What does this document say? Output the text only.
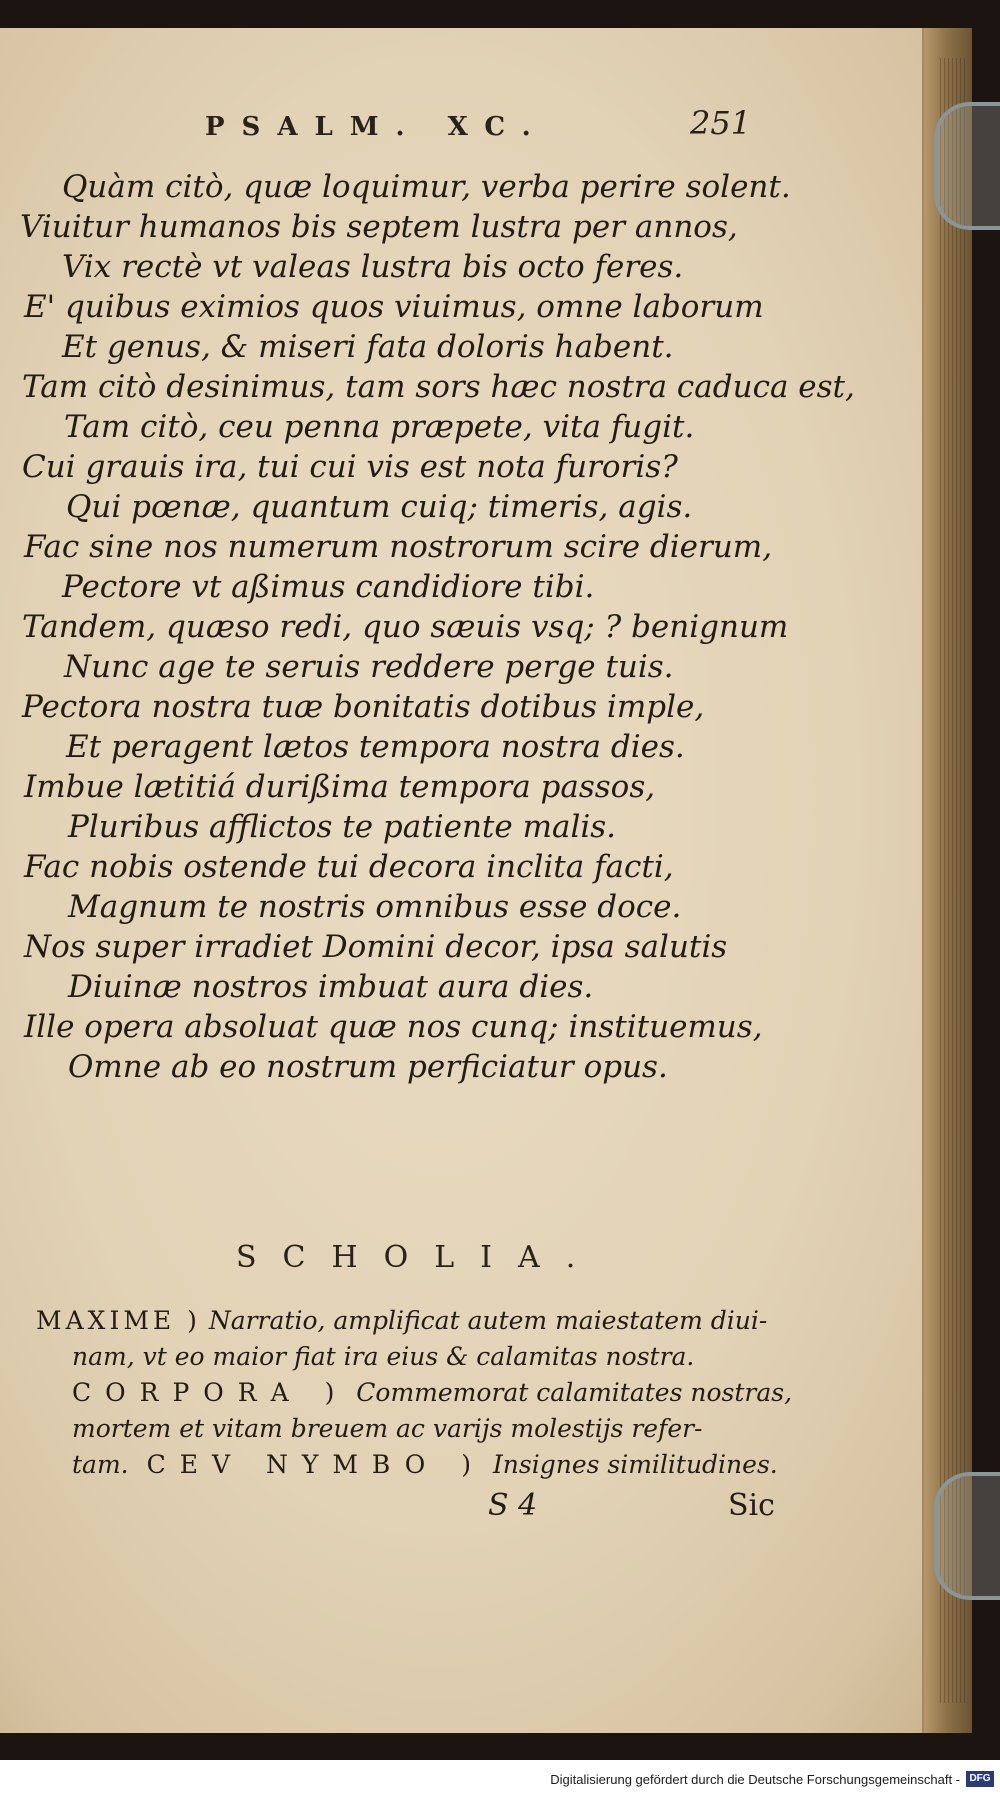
PSALM. XC.	251
Quàm citò, quæ loquimur, verba perire solent.
Viuitur humanos bis septem lustra per annos,
Vix rectè vt valeas lustra bis octo feres.
E' quibus eximios quos viuimus, omne laborum
Et genus, & miseri fata doloris habent.
Tam citò desinimus, tam sors hæc nostra caduca est,
Tam citò, ceu penna præpete, vita fugit.
Cui grauis ira, tui cui vis est nota furoris?
Qui pœnæ, quantum cuiq; timeris, agis.
Fac sine nos numerum nostrorum scire dierum,
Pectore vt aßimus candidiore tibi.
Tandem, quæso redi, quo sæuis vsq; ? benignum
Nunc age te seruis reddere perge tuis.
Pectora nostra tuæ bonitatis dotibus imple,
Et peragent lætos tempora nostra dies.
Imbue lætitiá durißima tempora passos,
Pluribus afflictos te patiente malis.
Fac nobis ostende tui decora inclita facti,
Magnum te nostris omnibus esse doce.
Nos super irradiet Domini decor, ipsa salutis
Diuinæ nostros imbuat aura dies.
Ille opera absoluat quæ nos cunq; instituemus,
Omne ab eo nostrum perficiatur opus.
SCHOLIA.
MAXIME ) Narratio, amplificat autem maiestatem diui-
nam, vt eo maior fiat ira eius & calamitas nostra.
CORPORA ) Commemorat calamitates nostras,
mortem et vitam breuem ac varijs molestijs refer-
tam. CEV NYMBO ) Insignes similitudines.
S 4	Sic
Digitalisierung gefördert durch die Deutsche Forschungsgemeinschaft - DFG
